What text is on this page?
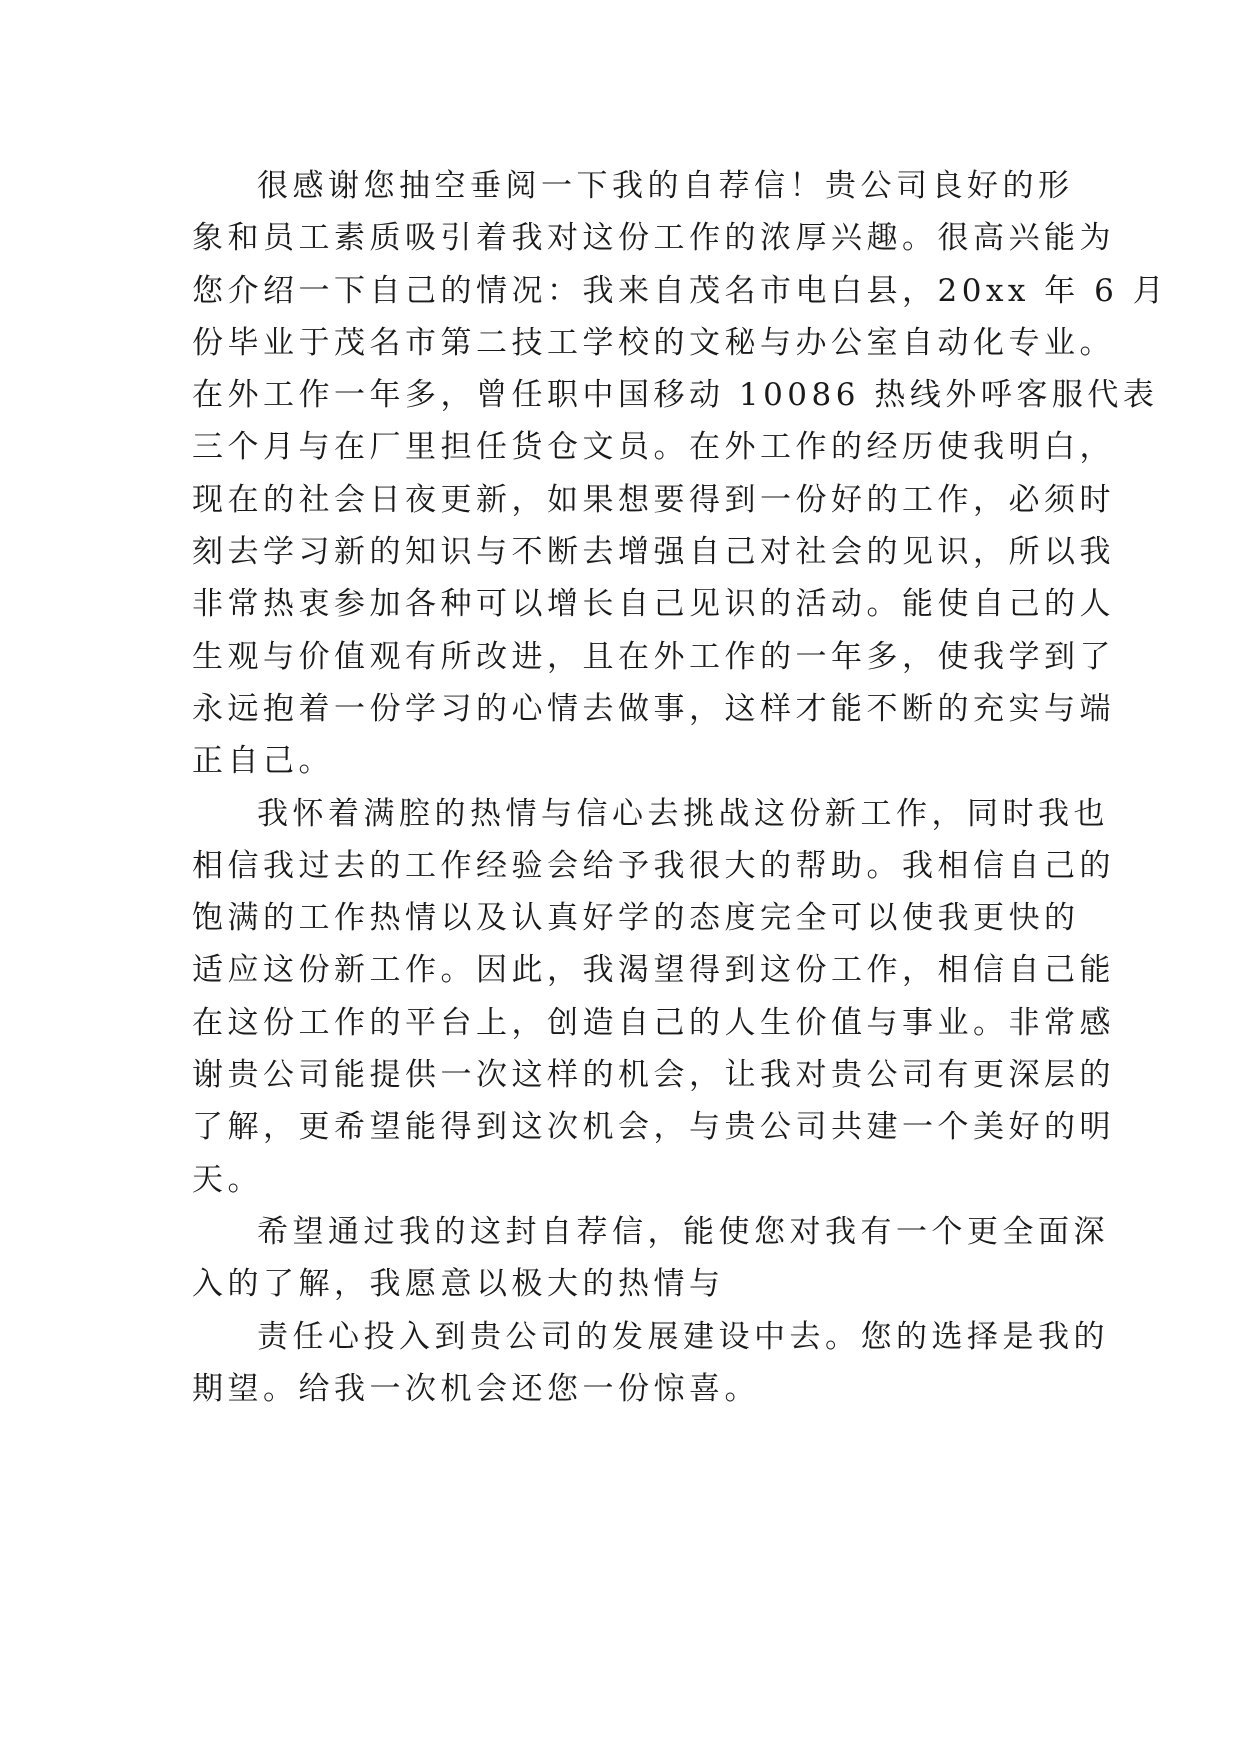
很感谢您抽空垂阅一下我的自荐信！贵公司良好的形
象和员工素质吸引着我对这份工作的浓厚兴趣。很高兴能为
您介绍一下自己的情况：我来自茂名市电白县，20xx 年 6 月
份毕业于茂名市第二技工学校的文秘与办公室自动化专业。
在外工作一年多，曾任职中国移动 10086 热线外呼客服代表
三个月与在厂里担任货仓文员。在外工作的经历使我明白，
现在的社会日夜更新，如果想要得到一份好的工作，必须时
刻去学习新的知识与不断去增强自己对社会的见识，所以我
非常热衷参加各种可以增长自己见识的活动。能使自己的人
生观与价值观有所改进，且在外工作的一年多，使我学到了
永远抱着一份学习的心情去做事，这样才能不断的充实与端
正自己。
我怀着满腔的热情与信心去挑战这份新工作，同时我也
相信我过去的工作经验会给予我很大的帮助。我相信自己的
饱满的工作热情以及认真好学的态度完全可以使我更快的
适应这份新工作。因此，我渴望得到这份工作，相信自己能
在这份工作的平台上，创造自己的人生价值与事业。非常感
谢贵公司能提供一次这样的机会，让我对贵公司有更深层的
了解，更希望能得到这次机会，与贵公司共建一个美好的明
天。
希望通过我的这封自荐信，能使您对我有一个更全面深
入的了解，我愿意以极大的热情与
责任心投入到贵公司的发展建设中去。您的选择是我的
期望。给我一次机会还您一份惊喜。
